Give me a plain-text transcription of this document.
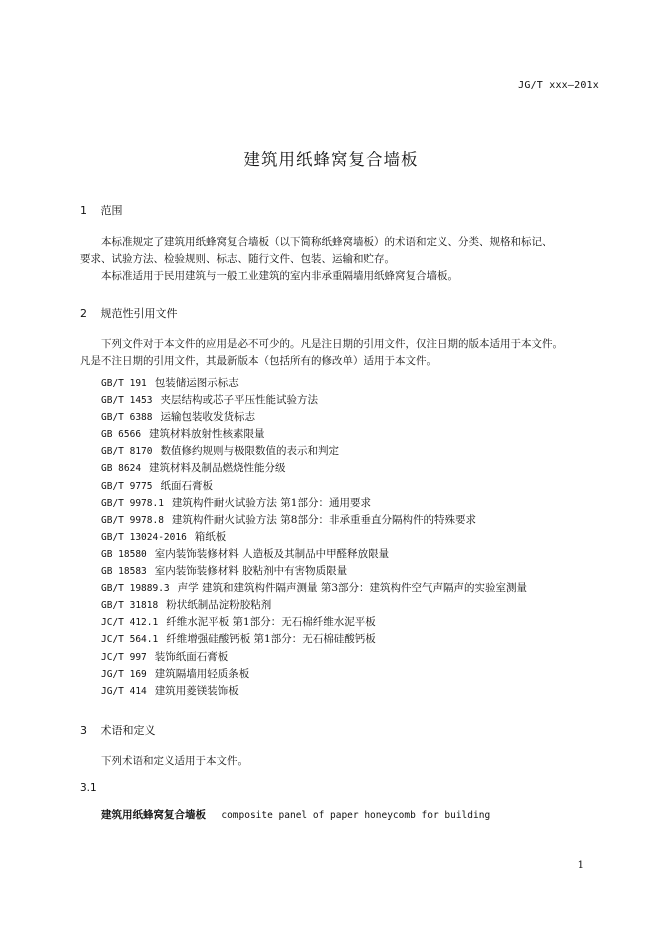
JG/T xxx—201x
建筑用纸蜂窝复合墙板
1 范围
本标准规定了建筑用纸蜂窝复合墙板（以下简称纸蜂窝墙板）的术语和定义、分类、规格和标记、
要求、试验方法、检验规则、标志、随行文件、包装、运输和贮存。
本标准适用于民用建筑与一般工业建筑的室内非承重隔墙用纸蜂窝复合墙板。
2 规范性引用文件
下列文件对于本文件的应用是必不可少的。凡是注日期的引用文件，仅注日期的版本适用于本文件。
凡是不注日期的引用文件，其最新版本（包括所有的修改单）适用于本文件。
GB/T 191 包装储运图示标志
GB/T 1453 夹层结构或芯子平压性能试验方法
GB/T 6388 运输包装收发货标志
GB 6566 建筑材料放射性核素限量
GB/T 8170 数值修约规则与极限数值的表示和判定
GB 8624 建筑材料及制品燃烧性能分级
GB/T 9775 纸面石膏板
GB/T 9978.1 建筑构件耐火试验方法 第1部分：通用要求
GB/T 9978.8 建筑构件耐火试验方法 第8部分：非承重垂直分隔构件的特殊要求
GB/T 13024-2016 箱纸板
GB 18580 室内装饰装修材料 人造板及其制品中甲醛释放限量
GB 18583 室内装饰装修材料 胶粘剂中有害物质限量
GB/T 19889.3 声学 建筑和建筑构件隔声测量 第3部分：建筑构件空气声隔声的实验室测量
GB/T 31818 粉状纸制品淀粉胶粘剂
JC/T 412.1 纤维水泥平板 第1部分：无石棉纤维水泥平板
JC/T 564.1 纤维增强硅酸钙板 第1部分：无石棉硅酸钙板
JC/T 997 装饰纸面石膏板
JG/T 169 建筑隔墙用轻质条板
JG/T 414 建筑用菱镁装饰板
3 术语和定义
下列术语和定义适用于本文件。
3.1
建筑用纸蜂窝复合墙板 composite panel of paper honeycomb for building
1
